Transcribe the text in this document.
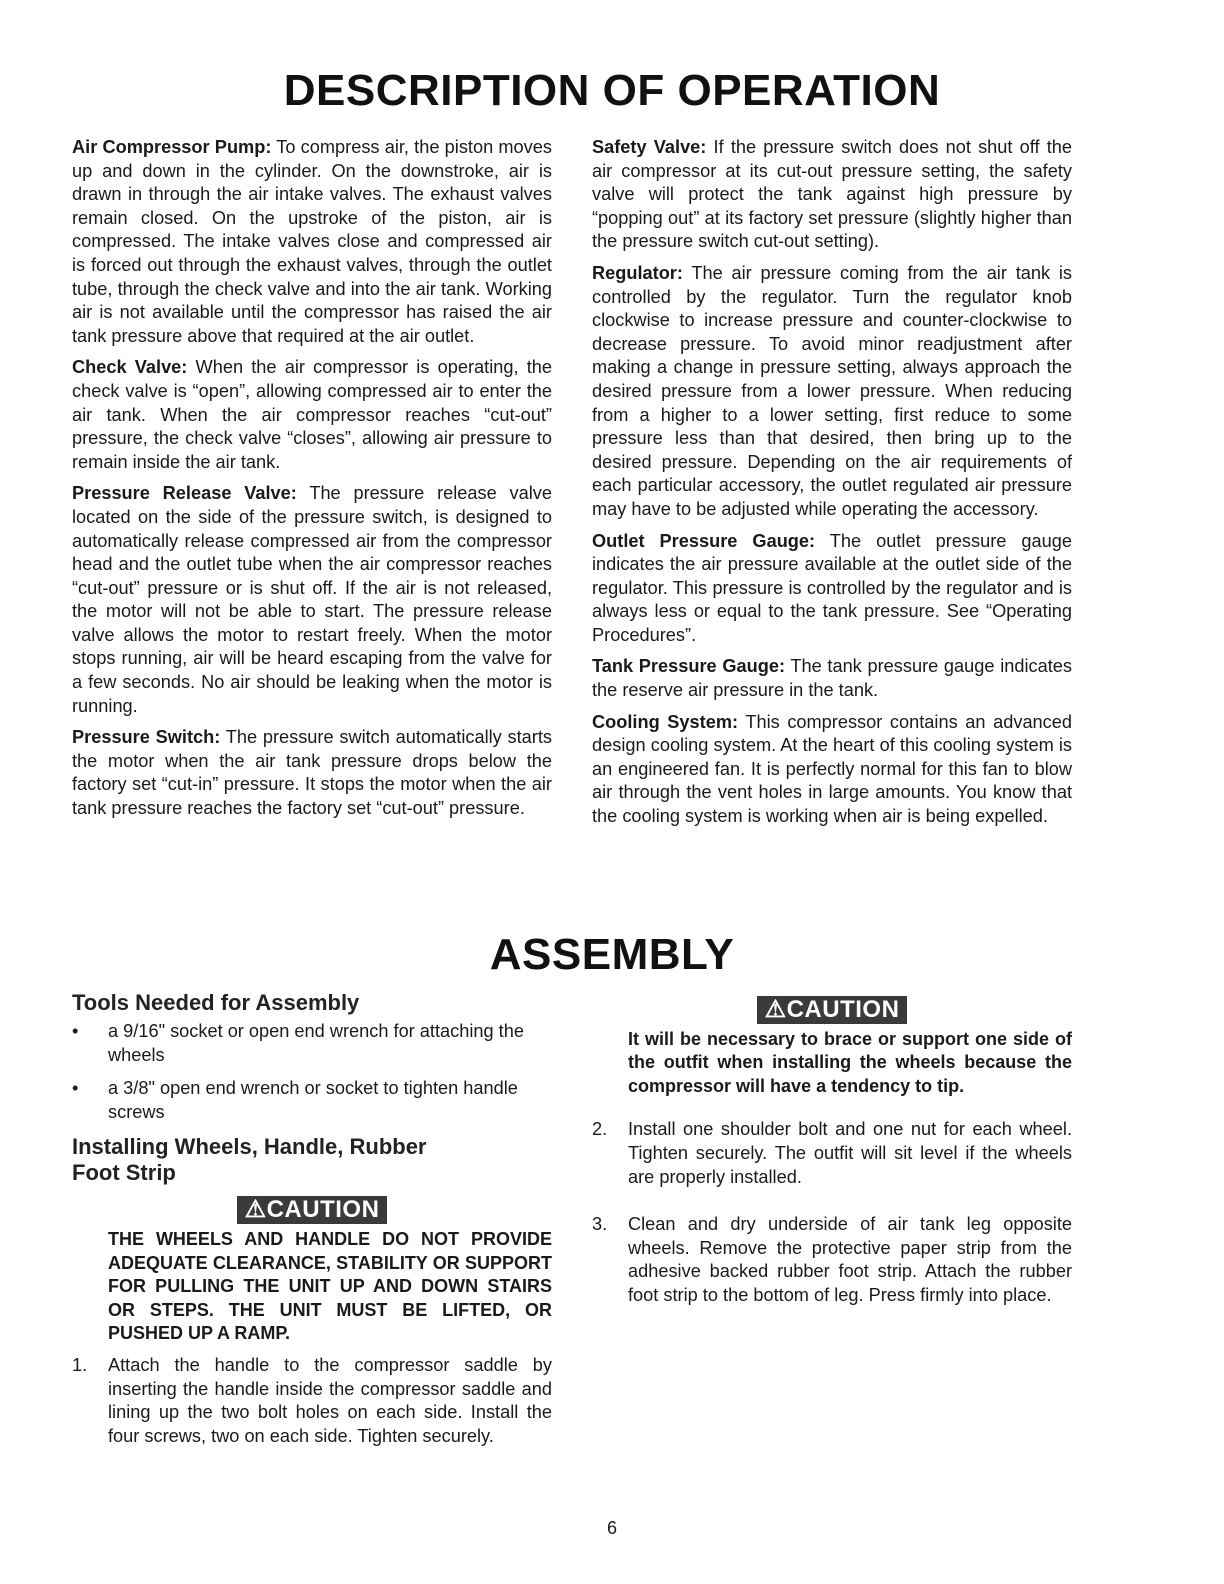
DESCRIPTION OF OPERATION

Air Compressor Pump: To compress air, the piston moves up and down in the cylinder. On the downstroke, air is drawn in through the air intake valves. The exhaust valves remain closed. On the upstroke of the piston, air is compressed. The intake valves close and compressed air is forced out through the exhaust valves, through the outlet tube, through the check valve and into the air tank. Working air is not available until the compressor has raised the air tank pressure above that required at the air outlet.

Check Valve: When the air compressor is operating, the check valve is “open”, allowing compressed air to enter the air tank. When the air compressor reaches “cut-out” pressure, the check valve “closes”, allowing air pressure to remain inside the air tank.

Pressure Release Valve: The pressure release valve located on the side of the pressure switch, is designed to automatically release compressed air from the compressor head and the outlet tube when the air compressor reaches “cut-out” pressure or is shut off. If the air is not released, the motor will not be able to start. The pressure release valve allows the motor to restart freely. When the motor stops running, air will be heard escaping from the valve for a few seconds. No air should be leaking when the motor is running.

Pressure Switch: The pressure switch automatically starts the motor when the air tank pressure drops below the factory set “cut-in” pressure. It stops the motor when the air tank pressure reaches the factory set “cut-out” pressure.

Safety Valve: If the pressure switch does not shut off the air compressor at its cut-out pressure setting, the safety valve will protect the tank against high pressure by “popping out” at its factory set pressure (slightly higher than the pressure switch cut-out setting).

Regulator: The air pressure coming from the air tank is controlled by the regulator. Turn the regulator knob clockwise to increase pressure and counter-clockwise to decrease pressure. To avoid minor readjustment after making a change in pressure setting, always approach the desired pressure from a lower pressure. When reducing from a higher to a lower setting, first reduce to some pressure less than that desired, then bring up to the desired pressure. Depending on the air requirements of each particular accessory, the outlet regulated air pressure may have to be adjusted while operating the accessory.

Outlet Pressure Gauge: The outlet pressure gauge indicates the air pressure available at the outlet side of the regulator. This pressure is controlled by the regulator and is always less or equal to the tank pressure. See “Operating Procedures”.

Tank Pressure Gauge: The tank pressure gauge indicates the reserve air pressure in the tank.

Cooling System: This compressor contains an advanced design cooling system. At the heart of this cooling system is an engineered fan. It is perfectly normal for this fan to blow air through the vent holes in large amounts. You know that the cooling system is working when air is being expelled.

ASSEMBLY
Tools Needed for Assembly
• a 9/16" socket or open end wrench for attaching the wheels
• a 3/8" open end wrench or socket to tighten handle screws
Installing Wheels, Handle, Rubber Foot Strip
⚠CAUTION
THE WHEELS AND HANDLE DO NOT PROVIDE ADEQUATE CLEARANCE, STABILITY OR SUPPORT FOR PULLING THE UNIT UP AND DOWN STAIRS OR STEPS. THE UNIT MUST BE LIFTED, OR PUSHED UP A RAMP.
1. Attach the handle to the compressor saddle by inserting the handle inside the compressor saddle and lining up the two bolt holes on each side. Install the four screws, two on each side. Tighten securely.
⚠CAUTION
It will be necessary to brace or support one side of the outfit when installing the wheels because the compressor will have a tendency to tip.
2. Install one shoulder bolt and one nut for each wheel. Tighten securely. The outfit will sit level if the wheels are properly installed.
3. Clean and dry underside of air tank leg opposite wheels. Remove the protective paper strip from the adhesive backed rubber foot strip. Attach the rubber foot strip to the bottom of leg. Press firmly into place.
6
